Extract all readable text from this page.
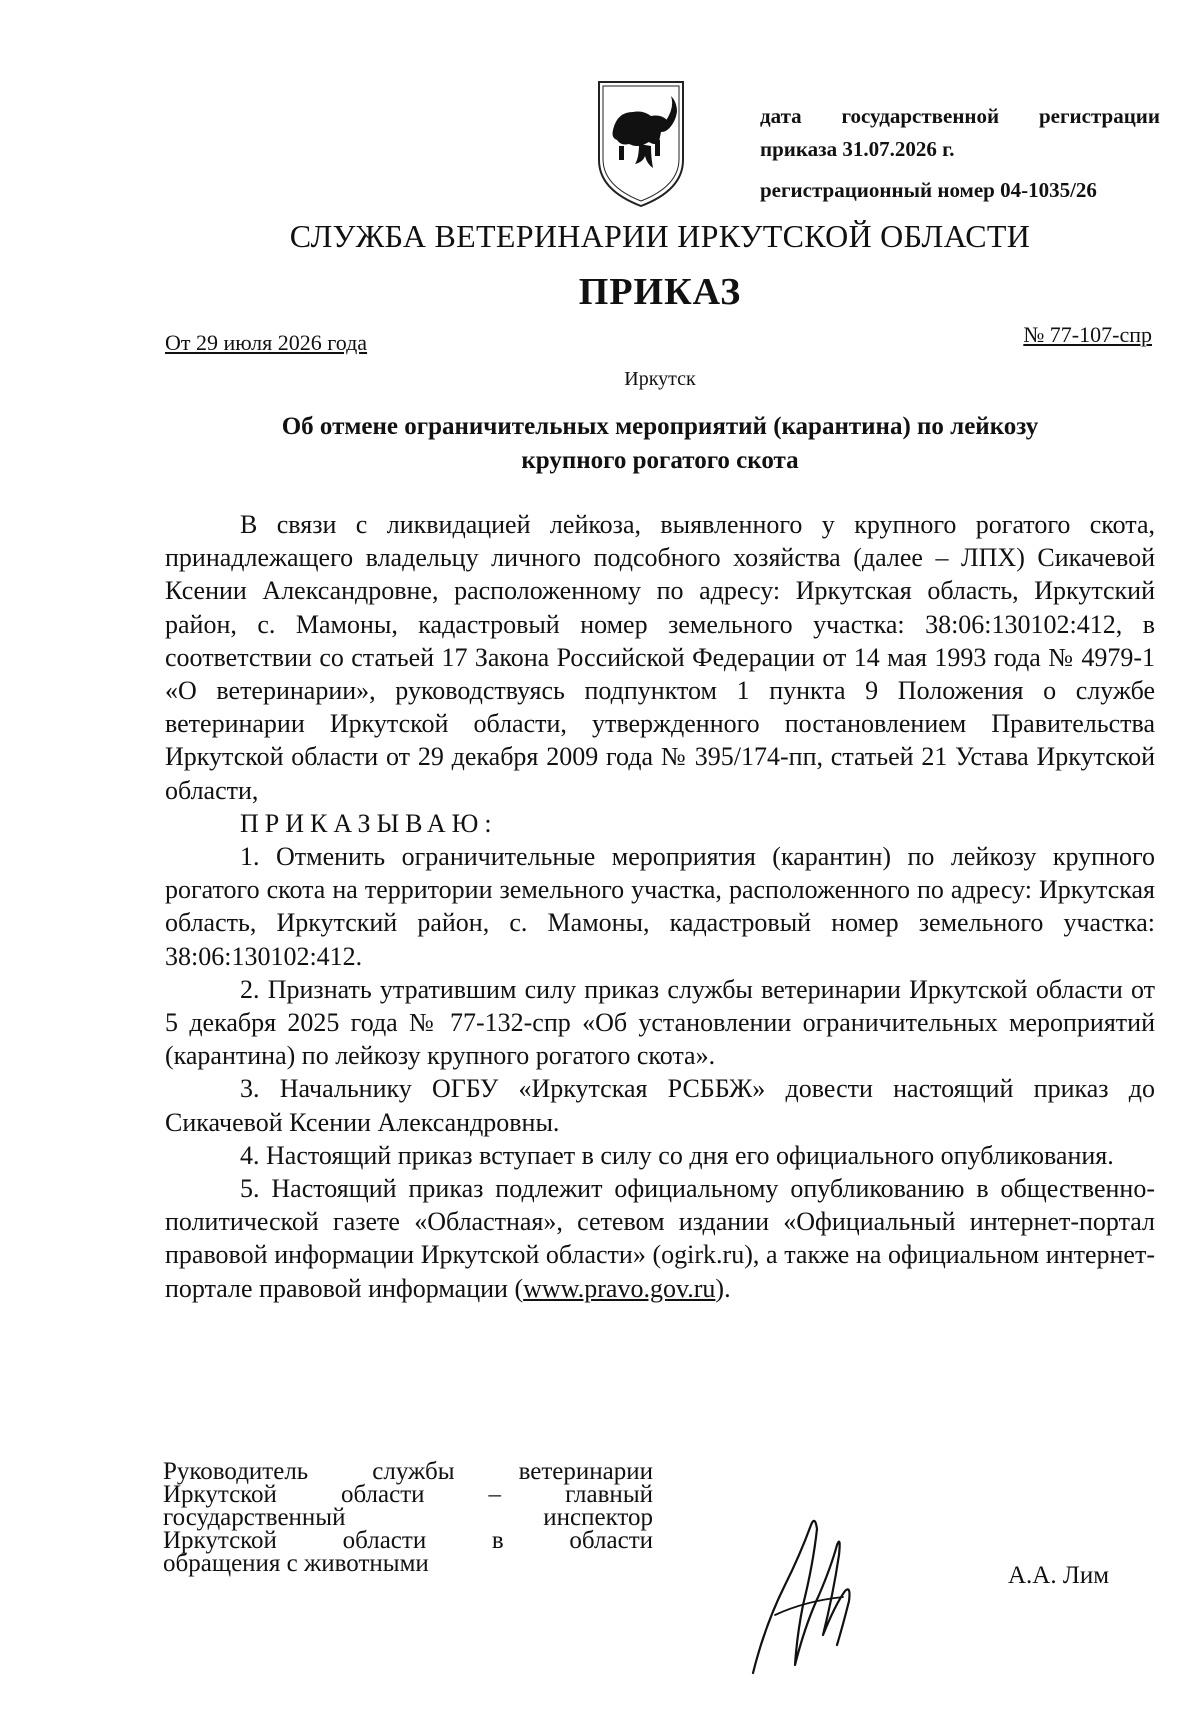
дата государственной регистрации
приказа 31.07.2026 г.
регистрационный номер 04-1035/26
СЛУЖБА ВЕТЕРИНАРИИ ИРКУТСКОЙ ОБЛАСТИ
ПРИКАЗ
От 29 июля 2026 года	№ 77-107-спр
Иркутск
Об отмене ограничительных мероприятий (карантина) по лейкозу
крупного рогатого скота

В связи с ликвидацией лейкоза, выявленного у крупного рогатого скота, принадлежащего владельцу личного подсобного хозяйства (далее – ЛПХ) Сикачевой Ксении Александровне, расположенному по адресу: Иркутская область, Иркутский район, с. Мамоны, кадастровый номер земельного участка: 38:06:130102:412, в соответствии со статьей 17 Закона Российской Федерации от 14 мая 1993 года № 4979-1 «О ветеринарии», руководствуясь подпунктом 1 пункта 9 Положения о службе ветеринарии Иркутской области, утвержденного постановлением Правительства Иркутской области от 29 декабря 2009 года № 395/174-пп, статьей 21 Устава Иркутской области,

ПРИКАЗЫВАЮ:

1. Отменить ограничительные мероприятия (карантин) по лейкозу крупного рогатого скота на территории земельного участка, расположенного по адресу: Иркутская область, Иркутский район, с. Мамоны, кадастровый номер земельного участка: 38:06:130102:412.

2. Признать утратившим силу приказ службы ветеринарии Иркутской области от 5 декабря 2025 года № 77-132-спр «Об установлении ограничительных мероприятий (карантина) по лейкозу крупного рогатого скота».

3. Начальнику ОГБУ «Иркутская РСББЖ» довести настоящий приказ до Сикачевой Ксении Александровны.

4. Настоящий приказ вступает в силу со дня его официального опубликования.

5. Настоящий приказ подлежит официальному опубликованию в общественно-политической газете «Областная», сетевом издании «Официальный интернет-портал правовой информации Иркутской области» (ogirk.ru), а также на официальном интернет-портале правовой информации (www.pravo.gov.ru).

Руководитель службы ветеринарии
Иркутской области – главный
государственный инспектор
Иркутской области в области
обращения с животными	А.А. Лим
